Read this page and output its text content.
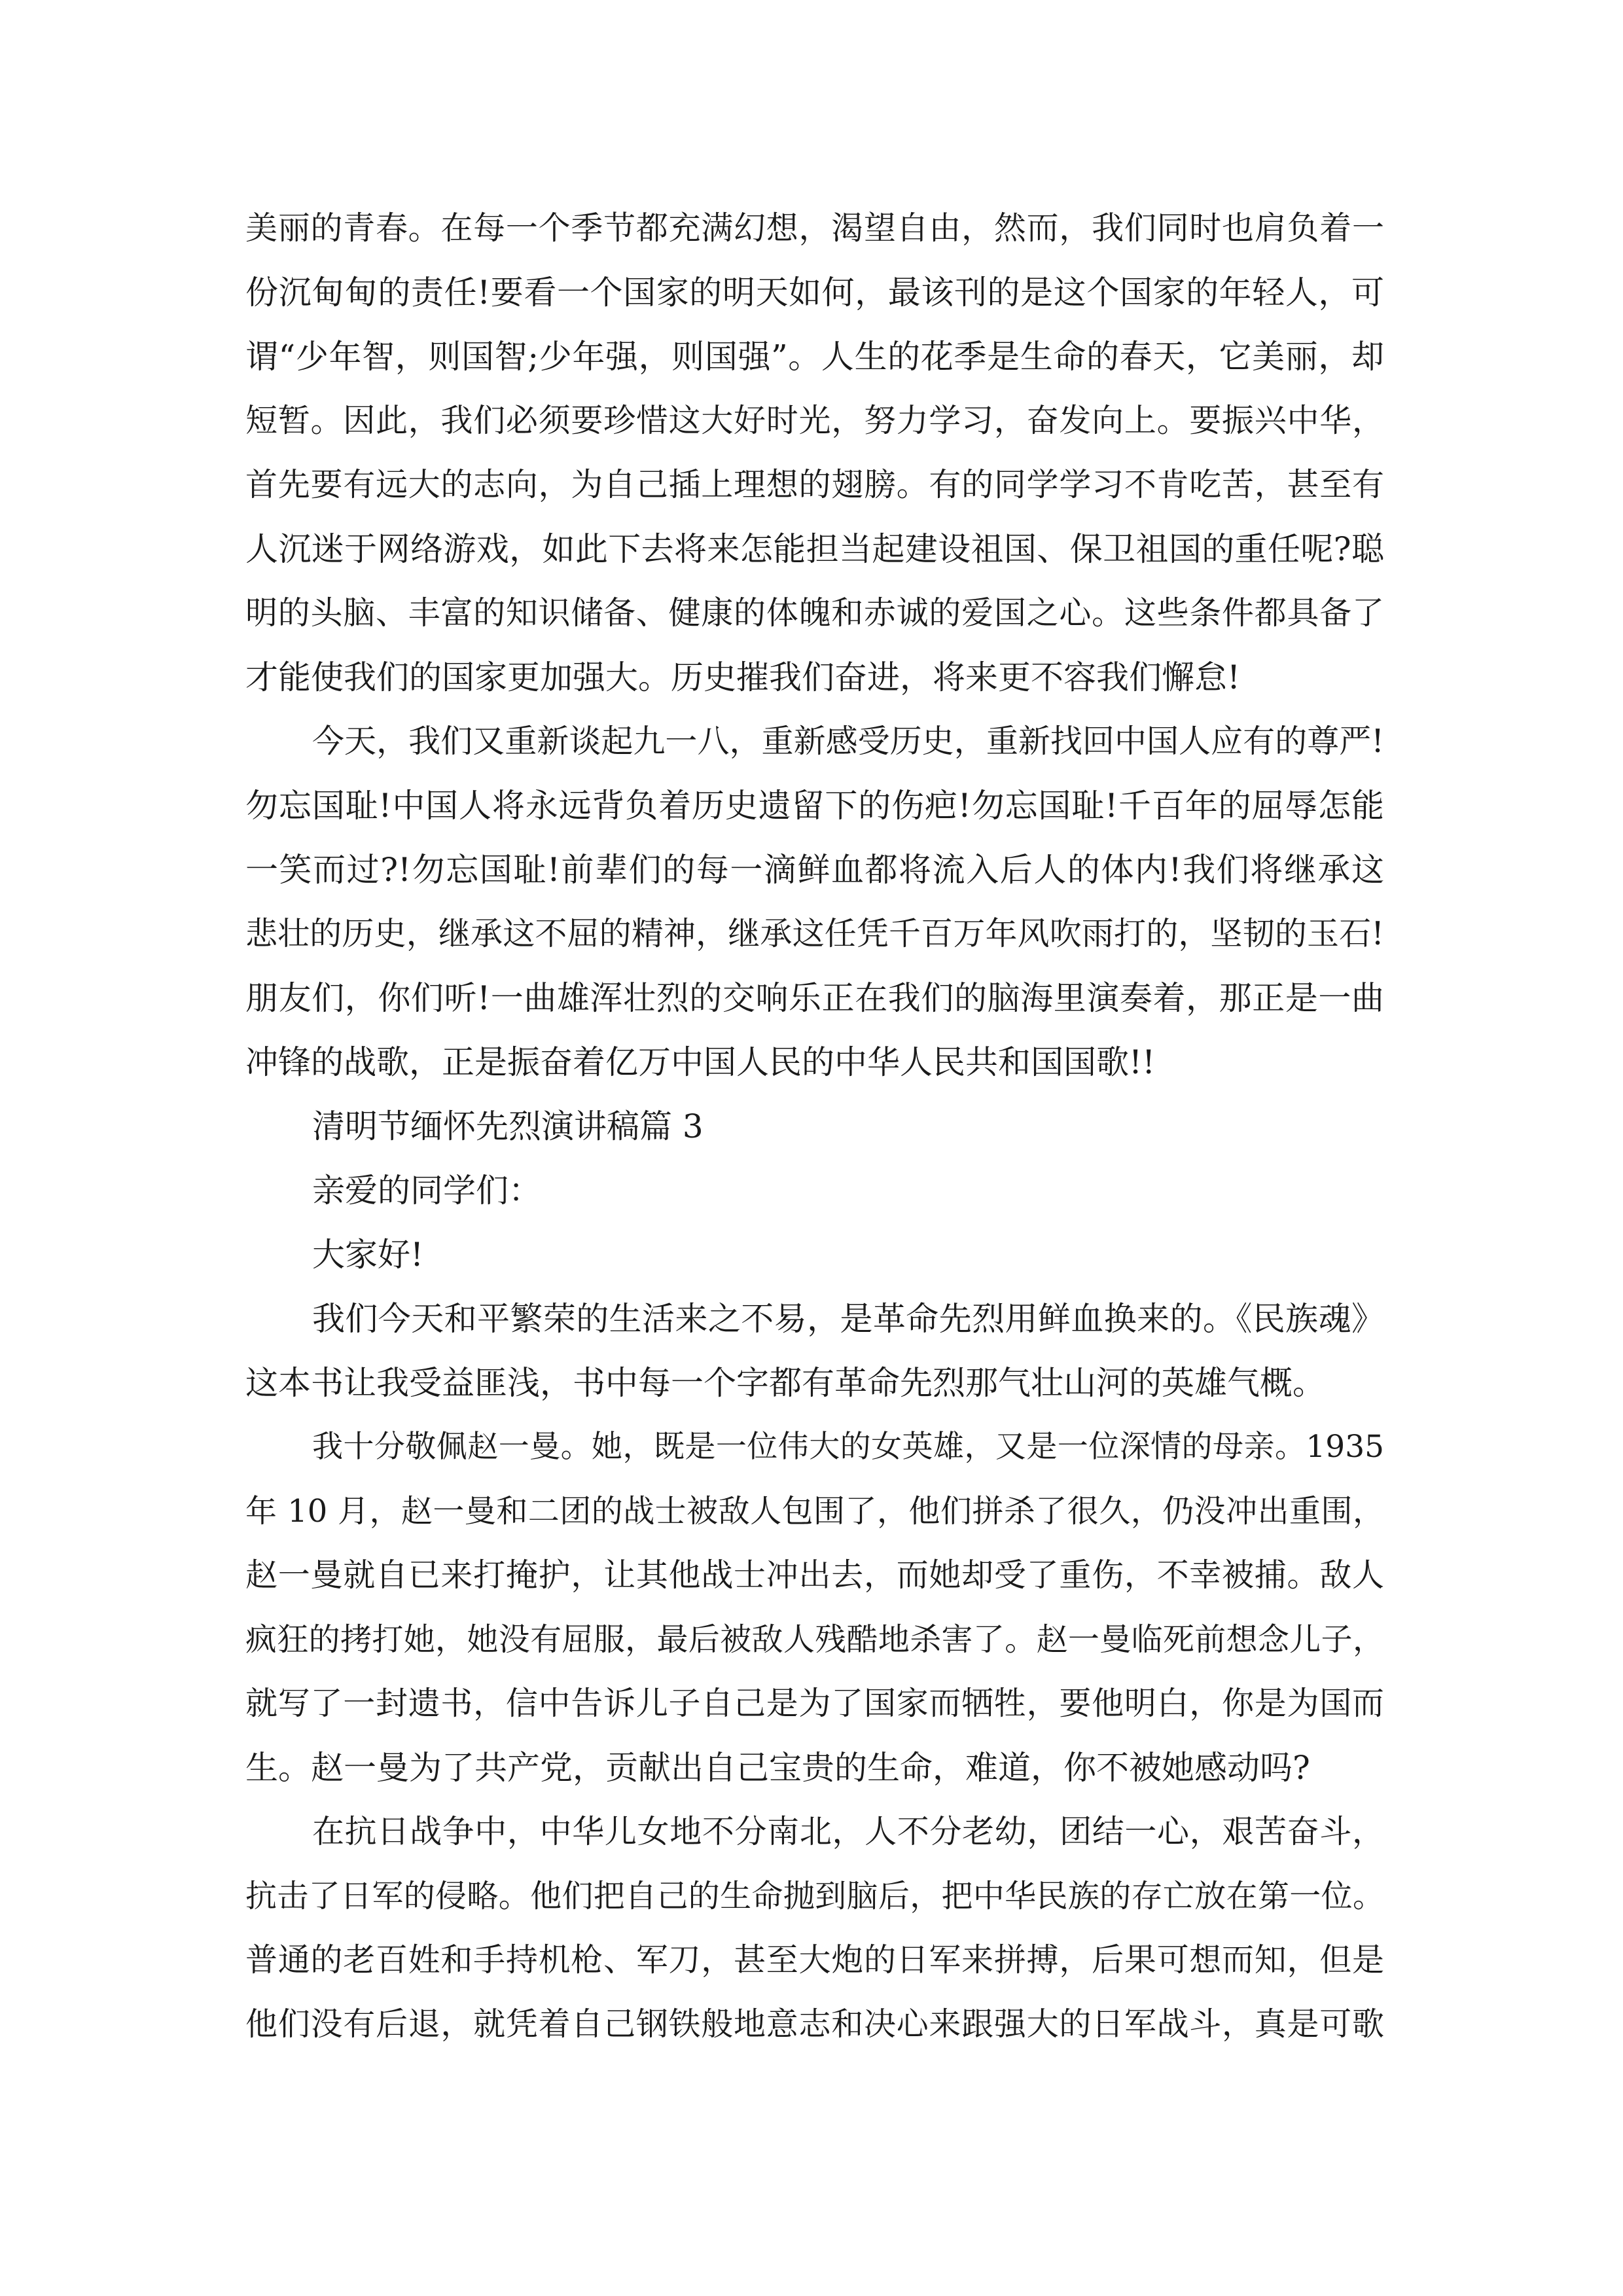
美丽的青春。在每一个季节都充满幻想，渴望自由，然而，我们同时也肩负着一
份沉甸甸的责任!要看一个国家的明天如何，最该刊的是这个国家的年轻人，可
谓“少年智，则国智;少年强，则国强”。人生的花季是生命的春天，它美丽，却
短暂。因此，我们必须要珍惜这大好时光，努力学习，奋发向上。要振兴中华，
首先要有远大的志向，为自己插上理想的翅膀。有的同学学习不肯吃苦，甚至有
人沉迷于网络游戏，如此下去将来怎能担当起建设祖国、保卫祖国的重任呢?聪
明的头脑、丰富的知识储备、健康的体魄和赤诚的爱国之心。这些条件都具备了
才能使我们的国家更加强大。历史摧我们奋进，将来更不容我们懈怠!
今天，我们又重新谈起九一八，重新感受历史，重新找回中国人应有的尊严!
勿忘国耻!中国人将永远背负着历史遗留下的伤疤!勿忘国耻!千百年的屈辱怎能
一笑而过?!勿忘国耻!前辈们的每一滴鲜血都将流入后人的体内!我们将继承这
悲壮的历史，继承这不屈的精神，继承这任凭千百万年风吹雨打的，坚韧的玉石!
朋友们，你们听!一曲雄浑壮烈的交响乐正在我们的脑海里演奏着，那正是一曲
冲锋的战歌，正是振奋着亿万中国人民的中华人民共和国国歌!!
清明节缅怀先烈演讲稿篇 3
亲爱的同学们：
大家好!
我们今天和平繁荣的生活来之不易，是革命先烈用鲜血换来的。《民族魂》
这本书让我受益匪浅，书中每一个字都有革命先烈那气壮山河的英雄气概。
我十分敬佩赵一曼。她，既是一位伟大的女英雄，又是一位深情的母亲。1935
年 10 月，赵一曼和二团的战士被敌人包围了，他们拼杀了很久，仍没冲出重围，
赵一曼就自已来打掩护，让其他战士冲出去，而她却受了重伤，不幸被捕。敌人
疯狂的拷打她，她没有屈服，最后被敌人残酷地杀害了。赵一曼临死前想念儿子，
就写了一封遗书，信中告诉儿子自己是为了国家而牺牲，要他明白，你是为国而
生。赵一曼为了共产党，贡献出自己宝贵的生命，难道，你不被她感动吗?
在抗日战争中，中华儿女地不分南北，人不分老幼，团结一心，艰苦奋斗，
抗击了日军的侵略。他们把自己的生命抛到脑后，把中华民族的存亡放在第一位。
普通的老百姓和手持机枪、军刀，甚至大炮的日军来拼搏，后果可想而知，但是
他们没有后退，就凭着自己钢铁般地意志和决心来跟强大的日军战斗，真是可歌
